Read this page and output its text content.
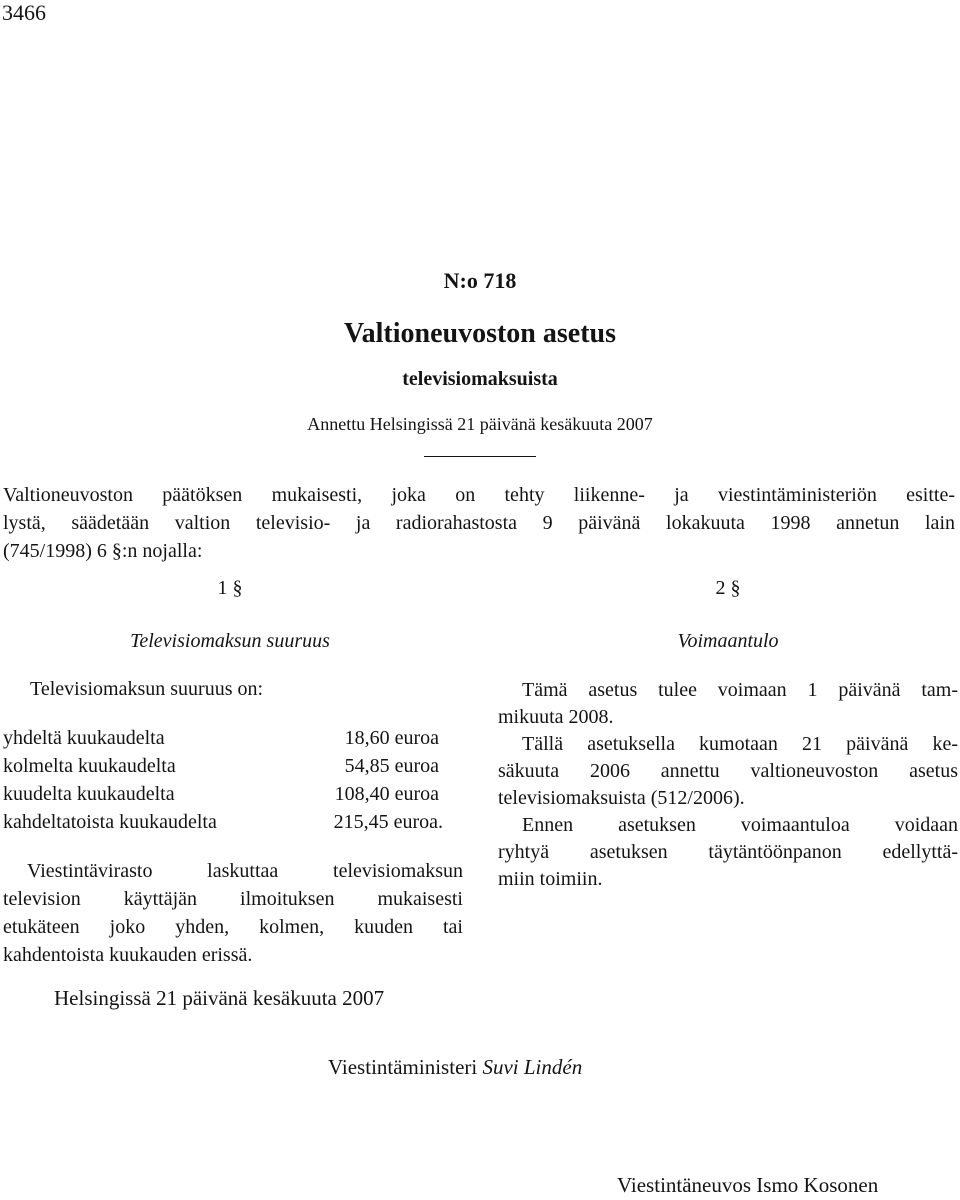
3466
N:o 718
Valtioneuvoston asetus
televisiomaksuista
Annettu Helsingissä 21 päivänä kesäkuuta 2007
Valtioneuvoston päätöksen mukaisesti, joka on tehty liikenne- ja viestintäministeriön esitte-
lystä, säädetään valtion televisio- ja radiorahastosta 9 päivänä lokakuuta 1998 annetun lain
(745/1998) 6 §:n nojalla:
1 §
Televisiomaksun suuruus
Televisiomaksun suuruus on:
yhdeltä kuukaudelta	18,60 euroa
kolmelta kuukaudelta	54,85 euroa
kuudelta kuukaudelta	108,40 euroa
kahdeltatoista kuukaudelta	215,45 euroa.
Viestintävirasto laskuttaa televisiomaksun
television käyttäjän ilmoituksen mukaisesti
etukäteen joko yhden, kolmen, kuuden tai
kahdentoista kuukauden erissä.
2 §
Voimaantulo
Tämä asetus tulee voimaan 1 päivänä tam-
mikuuta 2008.
Tällä asetuksella kumotaan 21 päivänä ke-
säkuuta 2006 annettu valtioneuvoston asetus
televisiomaksuista (512/2006).
Ennen asetuksen voimaantuloa voidaan
ryhtyä asetuksen täytäntöönpanon edellyttä-
miin toimiin.
Helsingissä 21 päivänä kesäkuuta 2007
Viestintäministeri Suvi Lindén
Viestintäneuvos Ismo Kosonen
